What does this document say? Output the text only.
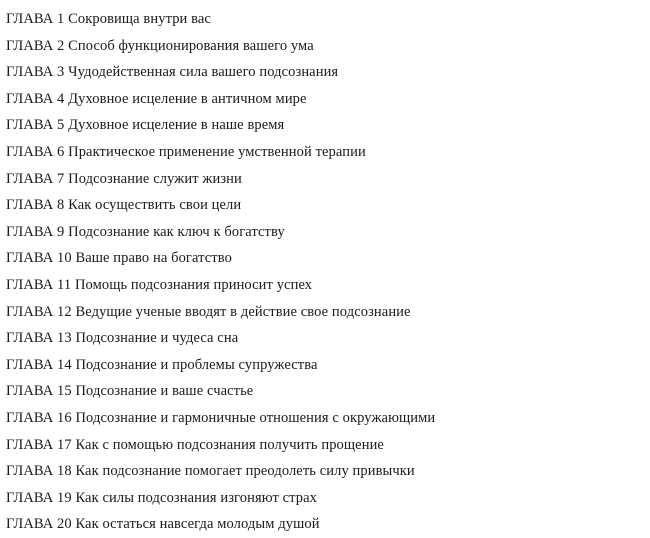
ГЛАВА 1 Сокровища внутри вас
ГЛАВА 2 Способ функционирования вашего ума
ГЛАВА 3 Чудодейственная сила вашего подсознания
ГЛАВА 4 Духовное исцеление в античном мире
ГЛАВА 5 Духовное исцеление в наше время
ГЛАВА 6 Практическое применение умственной терапии
ГЛАВА 7 Подсознание служит жизни
ГЛАВА 8 Как осуществить свои цели
ГЛАВА 9 Подсознание как ключ к богатству
ГЛАВА 10 Ваше право на богатство
ГЛАВА 11 Помощь подсознания приносит успех
ГЛАВА 12 Ведущие ученые вводят в действие свое подсознание
ГЛАВА 13 Подсознание и чудеса сна
ГЛАВА 14 Подсознание и проблемы супружества
ГЛАВА 15 Подсознание и ваше счастье
ГЛАВА 16 Подсознание и гармоничные отношения с окружающими
ГЛАВА 17 Как с помощью подсознания получить прощение
ГЛАВА 18 Как подсознание помогает преодолеть силу привычки
ГЛАВА 19 Как силы подсознания изгоняют страх
ГЛАВА 20 Как остаться навсегда молодым душой
